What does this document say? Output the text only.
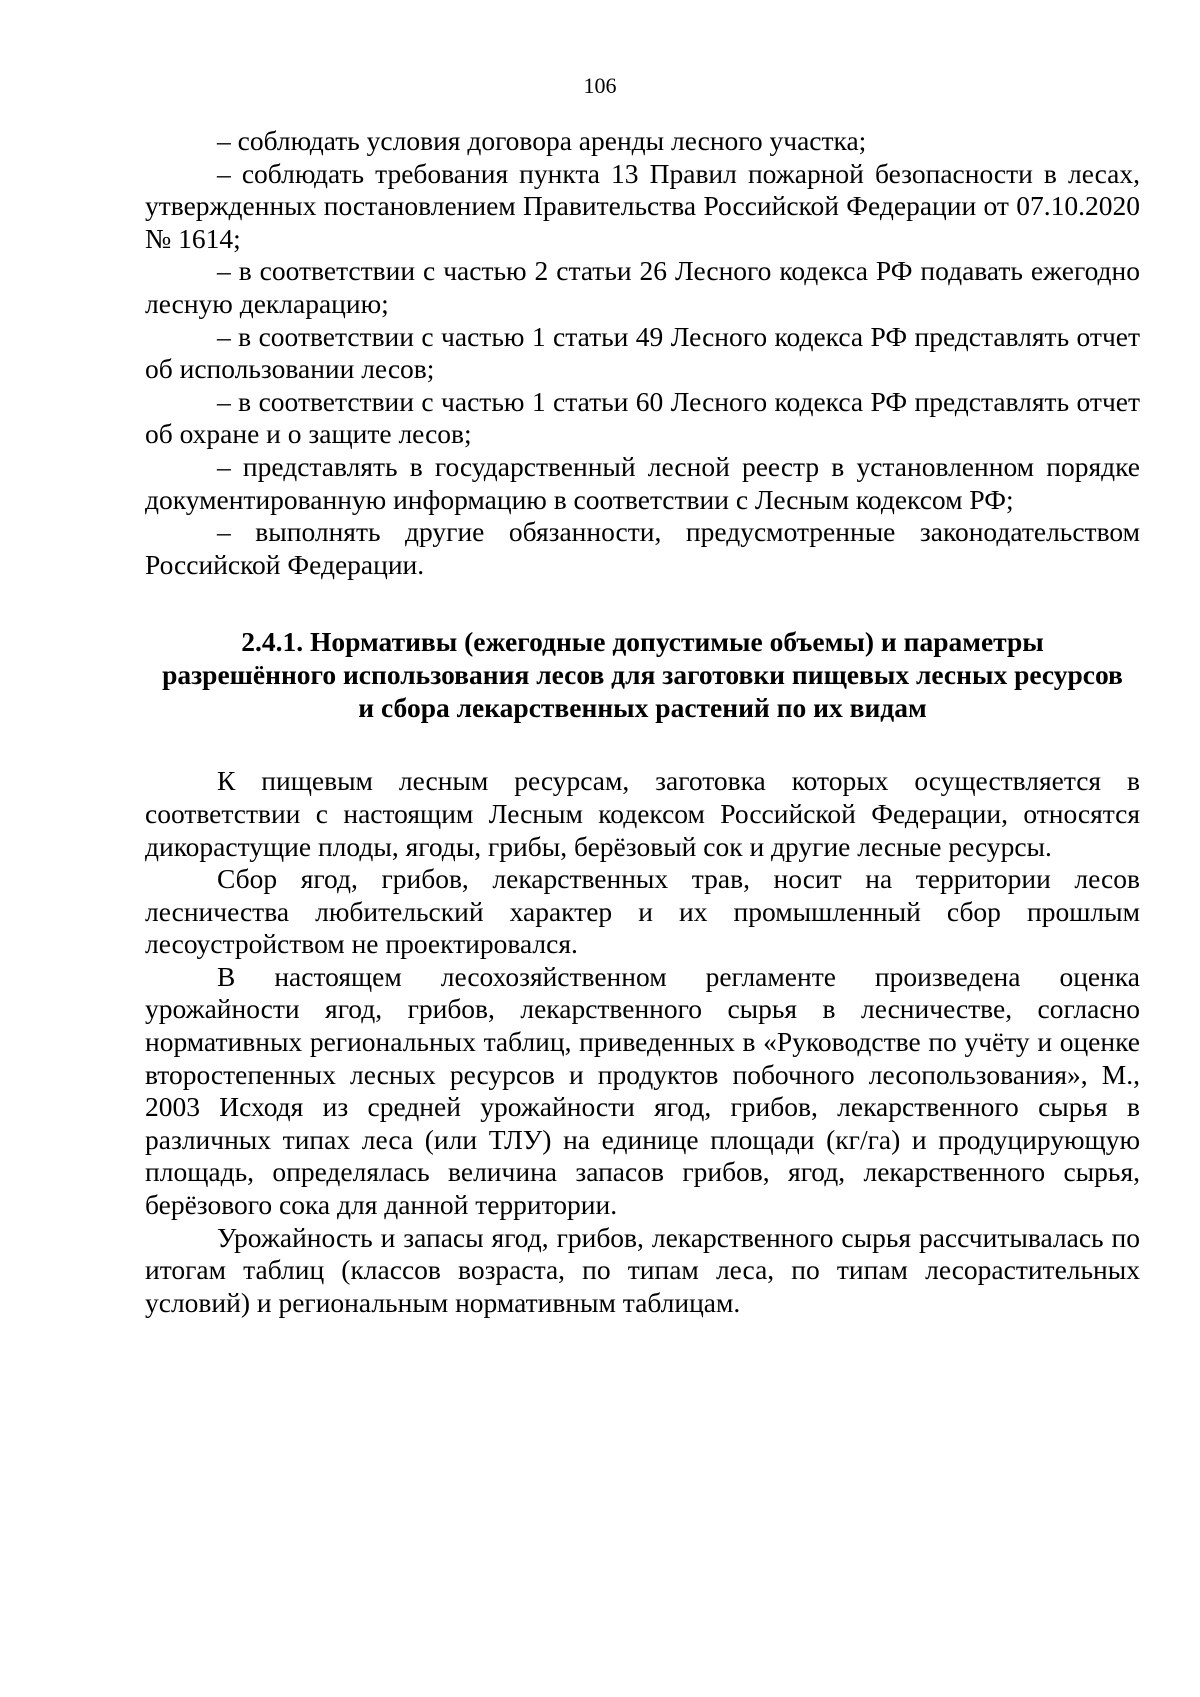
106

– соблюдать условия договора аренды лесного участка;

– соблюдать требования пункта 13 Правил пожарной безопасности в лесах, утвержденных постановлением Правительства Российской Федерации от 07.10.2020 № 1614;

– в соответствии с частью 2 статьи 26 Лесного кодекса РФ подавать ежегодно лесную декларацию;

– в соответствии с частью 1 статьи 49 Лесного кодекса РФ представлять отчет об использовании лесов;

– в соответствии с частью 1 статьи 60 Лесного кодекса РФ представлять отчет об охране и о защите лесов;

– представлять в государственный лесной реестр в установленном порядке документированную информацию в соответствии с Лесным кодексом РФ;

– выполнять другие обязанности, предусмотренные законодательством Российской Федерации.

2.4.1. Нормативы (ежегодные допустимые объемы) и параметры
разрешённого использования лесов для заготовки пищевых лесных ресурсов
и сбора лекарственных растений по их видам

К пищевым лесным ресурсам, заготовка которых осуществляется в соответствии с настоящим Лесным кодексом Российской Федерации, относятся дикорастущие плоды, ягоды, грибы, берёзовый сок и другие лесные ресурсы.

Сбор ягод, грибов, лекарственных трав, носит на территории лесов лесничества любительский характер и их промышленный сбор прошлым лесоустройством не проектировался.

В настоящем лесохозяйственном регламенте произведена оценка урожайности ягод, грибов, лекарственного сырья в лесничестве, согласно нормативных региональных таблиц, приведенных в «Руководстве по учёту и оценке второстепенных лесных ресурсов и продуктов побочного лесопользования», М., 2003 Исходя из средней урожайности ягод, грибов, лекарственного сырья в различных типах леса (или ТЛУ) на единице площади (кг/га) и продуцирующую площадь, определялась величина запасов грибов, ягод, лекарственного сырья, берёзового сока для данной территории.

Урожайность и запасы ягод, грибов, лекарственного сырья рассчитывалась по итогам таблиц (классов возраста, по типам леса, по типам лесорастительных условий) и региональным нормативным таблицам.
